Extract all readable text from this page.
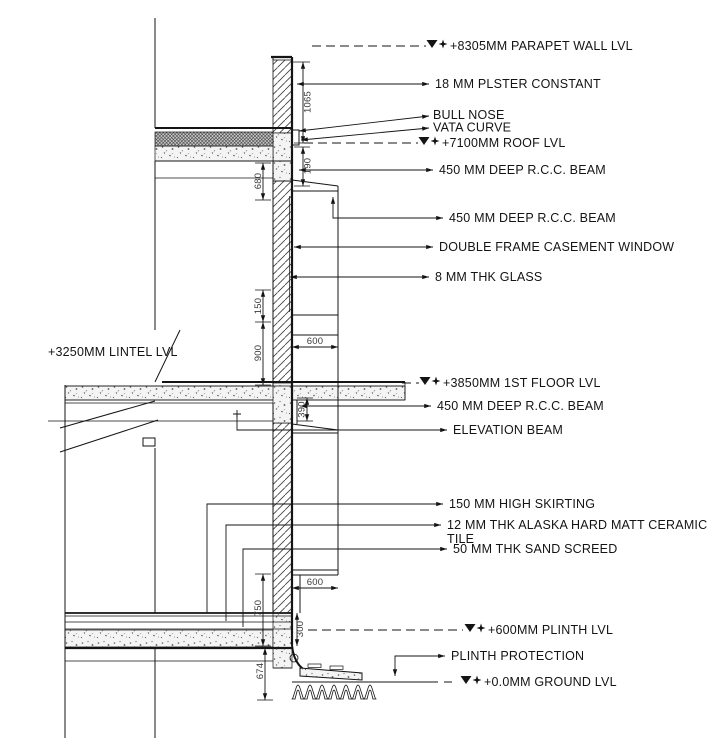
+8305MM PARAPET WALL LVL
+7100MM ROOF LVL
+3850MM 1ST FLOOR LVL
+3250MM LINTEL LVL
+600MM PLINTH LVL
+0.0MM GROUND LVL
18 MM PLSTER CONSTANT
BULL NOSE
VATA CURVE
450 MM DEEP R.C.C. BEAM
450 MM DEEP R.C.C. BEAM
DOUBLE FRAME CASEMENT WINDOW
8 MM THK GLASS
450 MM DEEP R.C.C. BEAM
ELEVATION BEAM
150 MM HIGH SKIRTING
12 MM THK ALASKA HARD MATT CERAMIC
TILE
50 MM THK SAND SCREED
PLINTH PROTECTION
1065
190
680
150
900
600
390
600
750
300
674
